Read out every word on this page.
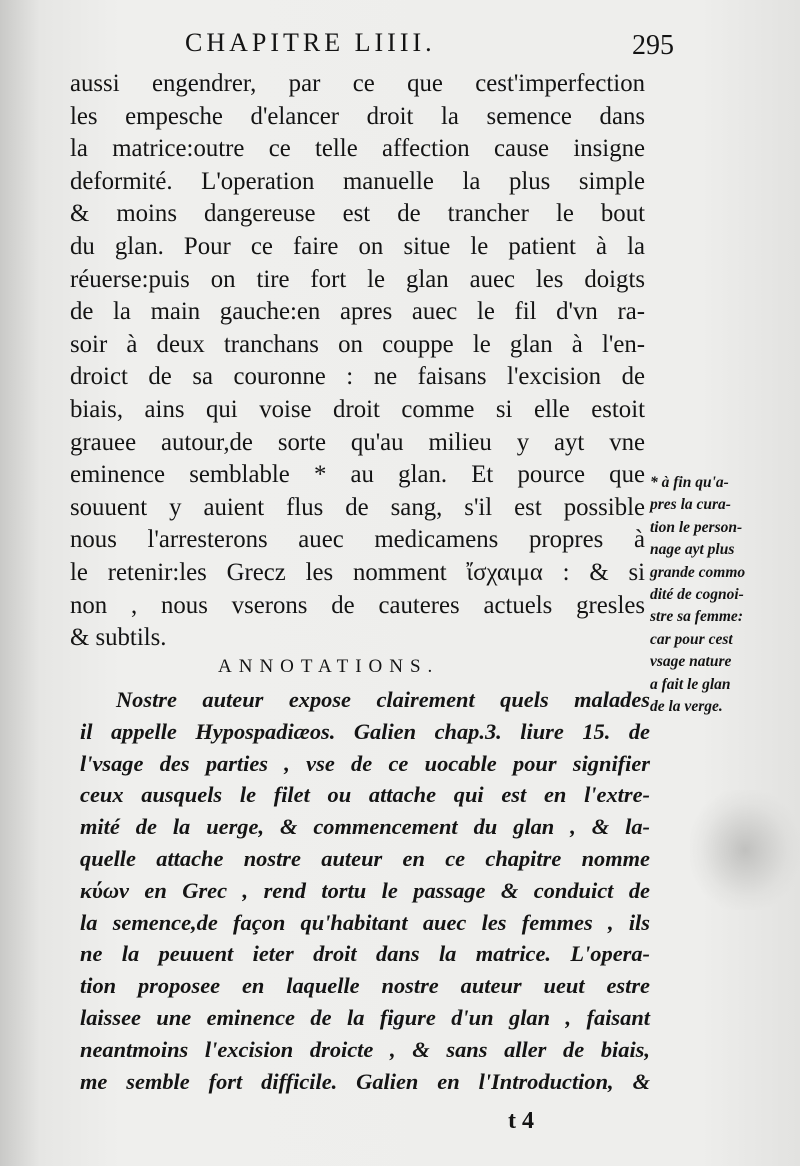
CHAPITRE LIIII.	295
aussi engendrer, par ce que cest'imperfection
les empesche d'elancer droit la semence dans
la matrice:outre ce telle affection cause insigne
deformité. L'operation manuelle la plus simple
& moins dangereuse est de trancher le bout
du glan. Pour ce faire on situe le patient à la
réuerse:puis on tire fort le glan auec les doigts
de la main gauche:en apres auec le fil d'vn ra-
soir à deux tranchans on couppe le glan à l'en-
droict de sa couronne : ne faisans l'excision de
biais, ains qui voise droit comme si elle estoit
grauee autour,de sorte qu'au milieu y ayt vne
eminence semblable * au glan. Et pource que
souuent y auient flus de sang, s'il est possible
nous l'arresterons auec medicamens propres à
le retenir:les Grecz les nomment ἴσχαιμα : & si
non , nous vserons de cauteres actuels gresles
& subtils.
ANNOTATIONS.
Nostre auteur expose clairement quels malades
il appelle Hypospadiæos. Galien chap.3. liure 15. de
l'vsage des parties , vse de ce uocable pour signifier
ceux ausquels le filet ou attache qui est en l'extre-
mité de la uerge, & commencement du glan , & la-
quelle attache nostre auteur en ce chapitre nomme
κύων en Grec , rend tortu le passage & conduict de
la semence,de façon qu'habitant auec les femmes , ils
ne la peuuent ieter droit dans la matrice. L'opera-
tion proposee en laquelle nostre auteur ueut estre
laissee une eminence de la figure d'un glan , faisant
neantmoins l'excision droicte , & sans aller de biais,
me semble fort difficile. Galien en l'Introduction, &
* à fin qu'a-
pres la cura-
tion le person-
nage ayt plus
grande commo
dité de cognoi-
stre sa femme:
car pour cest
vsage nature
a fait le glan
de la verge.
t 4
